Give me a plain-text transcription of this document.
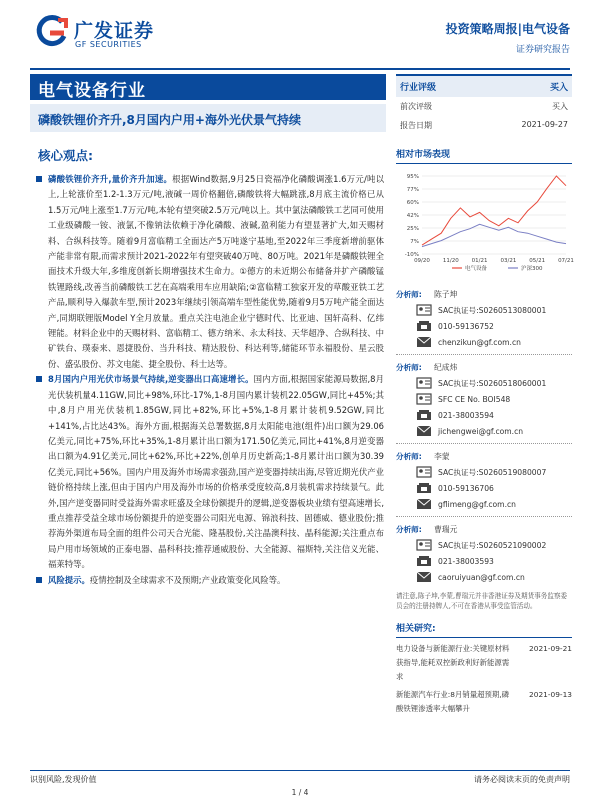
广发证券
GF SECURITIES
投资策略周报|电气设备
证券研究报告
电气设备行业
磷酸铁锂价齐升,8月国内户用+海外光伏景气持续
核心观点:
磷酸铁锂价齐升,量价齐升加速。根据Wind数据,9月25日瓷福净化磷酸调涨1.6万元/吨以上,上轮涨价至1.2-1.3万元/吨,液碱一周价格翻倍,磷酸铁将大幅跳涨,8月底主流价格已从1.5万元/吨上涨至1.7万元/吨,本轮有望突破2.5万元/吨以上。其中氯法磷酸铁工艺同可使用工业级磷酸一铵、液氯,不像钠法依赖于净化磷酸、液碱,盈利能力有望显著扩大,如天赐材料、合纵科技等。随着9月富临精工全面达产5万吨遂宁基地,至2022年三季度新增前驱体产能非常有限,而需求预计2021-2022年有望突破40万吨、80万吨。2021年是磷酸铁锂全面技术升级大年,多维度创新长期增强技术生命力。①德方的未近期公布储备并扩产磷酸锰铁锂路线,改善当前磷酸铁工艺在高端乘用车应用缺陷;②富临精工独家开发的草酸亚铁工艺产品,顺利导入爆款车型,预计2023年继续引领高端车型性能优势,随着9月5万吨产能全面达产,同期联锂版Model Y全月放量。重点关注电池企业宁德时代、比亚迪、国轩高科、亿纬锂能。材料企业中的天赐材料、富临精工、德方纳米、永太科技、天华超净、合纵科技、中矿铁台、璞泰来、恩捷股份、当升科技、精达股份、科达利等,储能环节永福股份、星云股份、盛弘股份、苏文电能、捷全股份、科士达等。
8月国内户用光伏市场景气持续,逆变器出口高速增长。国内方面,根据国家能源局数据,8月光伏装机量4.11GW,同比+98%,环比-17%,1-8月国内累计装机22.05GW,同比+45%;其中,8月户用光伏装机1.85GW,同比+82%,环比+5%,1-8月累计装机9.52GW,同比+141%,占比达43%。海外方面,根据海关总署数据,8月太阳能电池(组件)出口额为29.06亿美元,同比+75%,环比+35%,1-8月累计出口额为171.50亿美元,同比+41%,8月逆变器出口额为4.91亿美元,同比+62%,环比+22%,创单月历史新高;1-8月累计出口额为30.39亿美元,同比+56%。国内户用及海外市场需求强劲,国产逆变器持续出海,尽管近期光伏产业链价格持续上涨,但由于国内户用及海外市场的价格承受度较高,8月装机需求持续景气。此外,国产逆变器同时受益海外需求旺盛及全球份额提升的逻辑,逆变器板块业绩有望高速增长,重点推荐受益全球市场份额提升的逆变器公司阳光电源、锦浪科技、固德威、德业股份;推荐海外渠道布局全面的组件公司天合光能、隆基股份,关注晶澳科技、晶科能源;关注重点布局户用市场领域的正泰电器、晶科科技;推荐通威股份、大全能源、福斯特,关注信义光能、福莱特等。
风险提示。疫情控制及全球需求不及预期;产业政策变化风险等。
行业评级	买入
前次评级	买入
报告日期	2021-09-27
相对市场表现
-10%
7%
25%
42%
60%
77%
95%
09/20 11/20 01/21 03/21 05/21 07/21
电气设备	沪深300
分析师:	陈子坤
SAC执证号:S0260513080001
010-59136752
chenzikun@gf.com.cn
分析师:	纪成炜
SAC执证号:S0260518060001
SFC CE No. BOI548
021-38003594
jichengwei@gf.com.cn
分析师:	李蒙
SAC执证号:S0260519080007
010-59136706
gflimeng@gf.com.cn
分析师:	曹瑞元
SAC执证号:S0260521090002
021-38003593
caoruiyuan@gf.com.cn
请注意,陈子坤,李蒙,曹瑞元并非香港证券及期货事务监察委员会的注册持牌人,不可在香港从事受监管活动。
相关研究:
电力设备与新能源行业:关键原材料获指导,能耗双控新政利好新能源需求
2021-09-21
新能源汽车行业:8月销量超预期,磷酸铁锂渗透率大幅攀升
2021-09-13
识别风险,发现价值	请务必阅读末页的免责声明
1 / 4
